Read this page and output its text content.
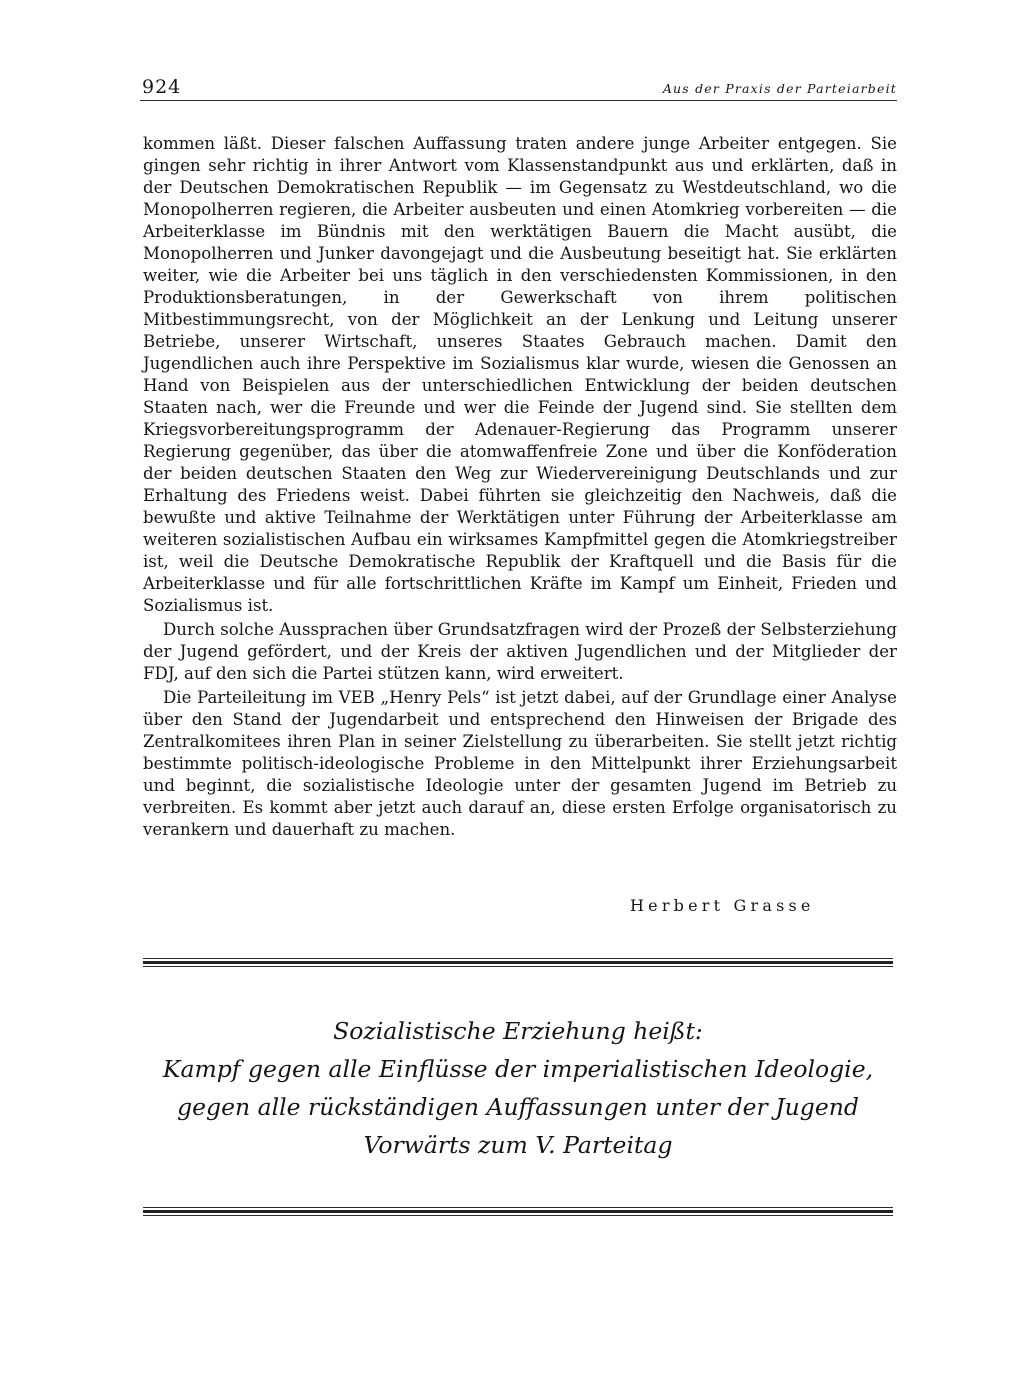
924	Aus der Praxis der Parteiarbeit

kommen läßt. Dieser falschen Auffassung traten andere junge Arbeiter entgegen. Sie gingen sehr richtig in ihrer Antwort vom Klassenstandpunkt aus und erklärten, daß in der Deutschen Demokratischen Republik — im Gegensatz zu Westdeutschland, wo die Monopolherren regieren, die Arbeiter ausbeuten und einen Atomkrieg vorbereiten — die Arbeiterklasse im Bündnis mit den werktätigen Bauern die Macht ausübt, die Monopolherren und Junker davongejagt und die Ausbeutung beseitigt hat. Sie erklärten weiter, wie die Arbeiter bei uns täglich in den verschiedensten Kommissionen, in den Produktionsberatungen, in der Gewerkschaft von ihrem politischen Mitbestimmungsrecht, von der Möglichkeit an der Lenkung und Leitung unserer Betriebe, unserer Wirtschaft, unseres Staates Gebrauch machen. Damit den Jugendlichen auch ihre Perspektive im Sozialismus klar wurde, wiesen die Genossen an Hand von Beispielen aus der unterschiedlichen Entwicklung der beiden deutschen Staaten nach, wer die Freunde und wer die Feinde der Jugend sind. Sie stellten dem Kriegsvorbereitungsprogramm der Adenauer-Regierung das Programm unserer Regierung gegenüber, das über die atomwaffenfreie Zone und über die Konföderation der beiden deutschen Staaten den Weg zur Wiedervereinigung Deutschlands und zur Erhaltung des Friedens weist. Dabei führten sie gleichzeitig den Nachweis, daß die bewußte und aktive Teilnahme der Werktätigen unter Führung der Arbeiterklasse am weiteren sozialistischen Aufbau ein wirksames Kampfmittel gegen die Atomkriegstreiber ist, weil die Deutsche Demokratische Republik der Kraftquell und die Basis für die Arbeiterklasse und für alle fortschrittlichen Kräfte im Kampf um Einheit, Frieden und Sozialismus ist.

Durch solche Aussprachen über Grundsatzfragen wird der Prozeß der Selbsterziehung der Jugend gefördert, und der Kreis der aktiven Jugendlichen und der Mitglieder der FDJ, auf den sich die Partei stützen kann, wird erweitert.

Die Parteileitung im VEB „Henry Pels“ ist jetzt dabei, auf der Grundlage einer Analyse über den Stand der Jugendarbeit und entsprechend den Hinweisen der Brigade des Zentralkomitees ihren Plan in seiner Zielstellung zu überarbeiten. Sie stellt jetzt richtig bestimmte politisch-ideologische Probleme in den Mittelpunkt ihrer Erziehungsarbeit und beginnt, die sozialistische Ideologie unter der gesamten Jugend im Betrieb zu verbreiten. Es kommt aber jetzt auch darauf an, diese ersten Erfolge organisatorisch zu verankern und dauerhaft zu machen.

Herbert Grasse
Sozialistische Erziehung heißt:
Kampf gegen alle Einflüsse der imperialistischen Ideologie,
gegen alle rückständigen Auffassungen unter der Jugend
Vorwärts zum V. Parteitag
